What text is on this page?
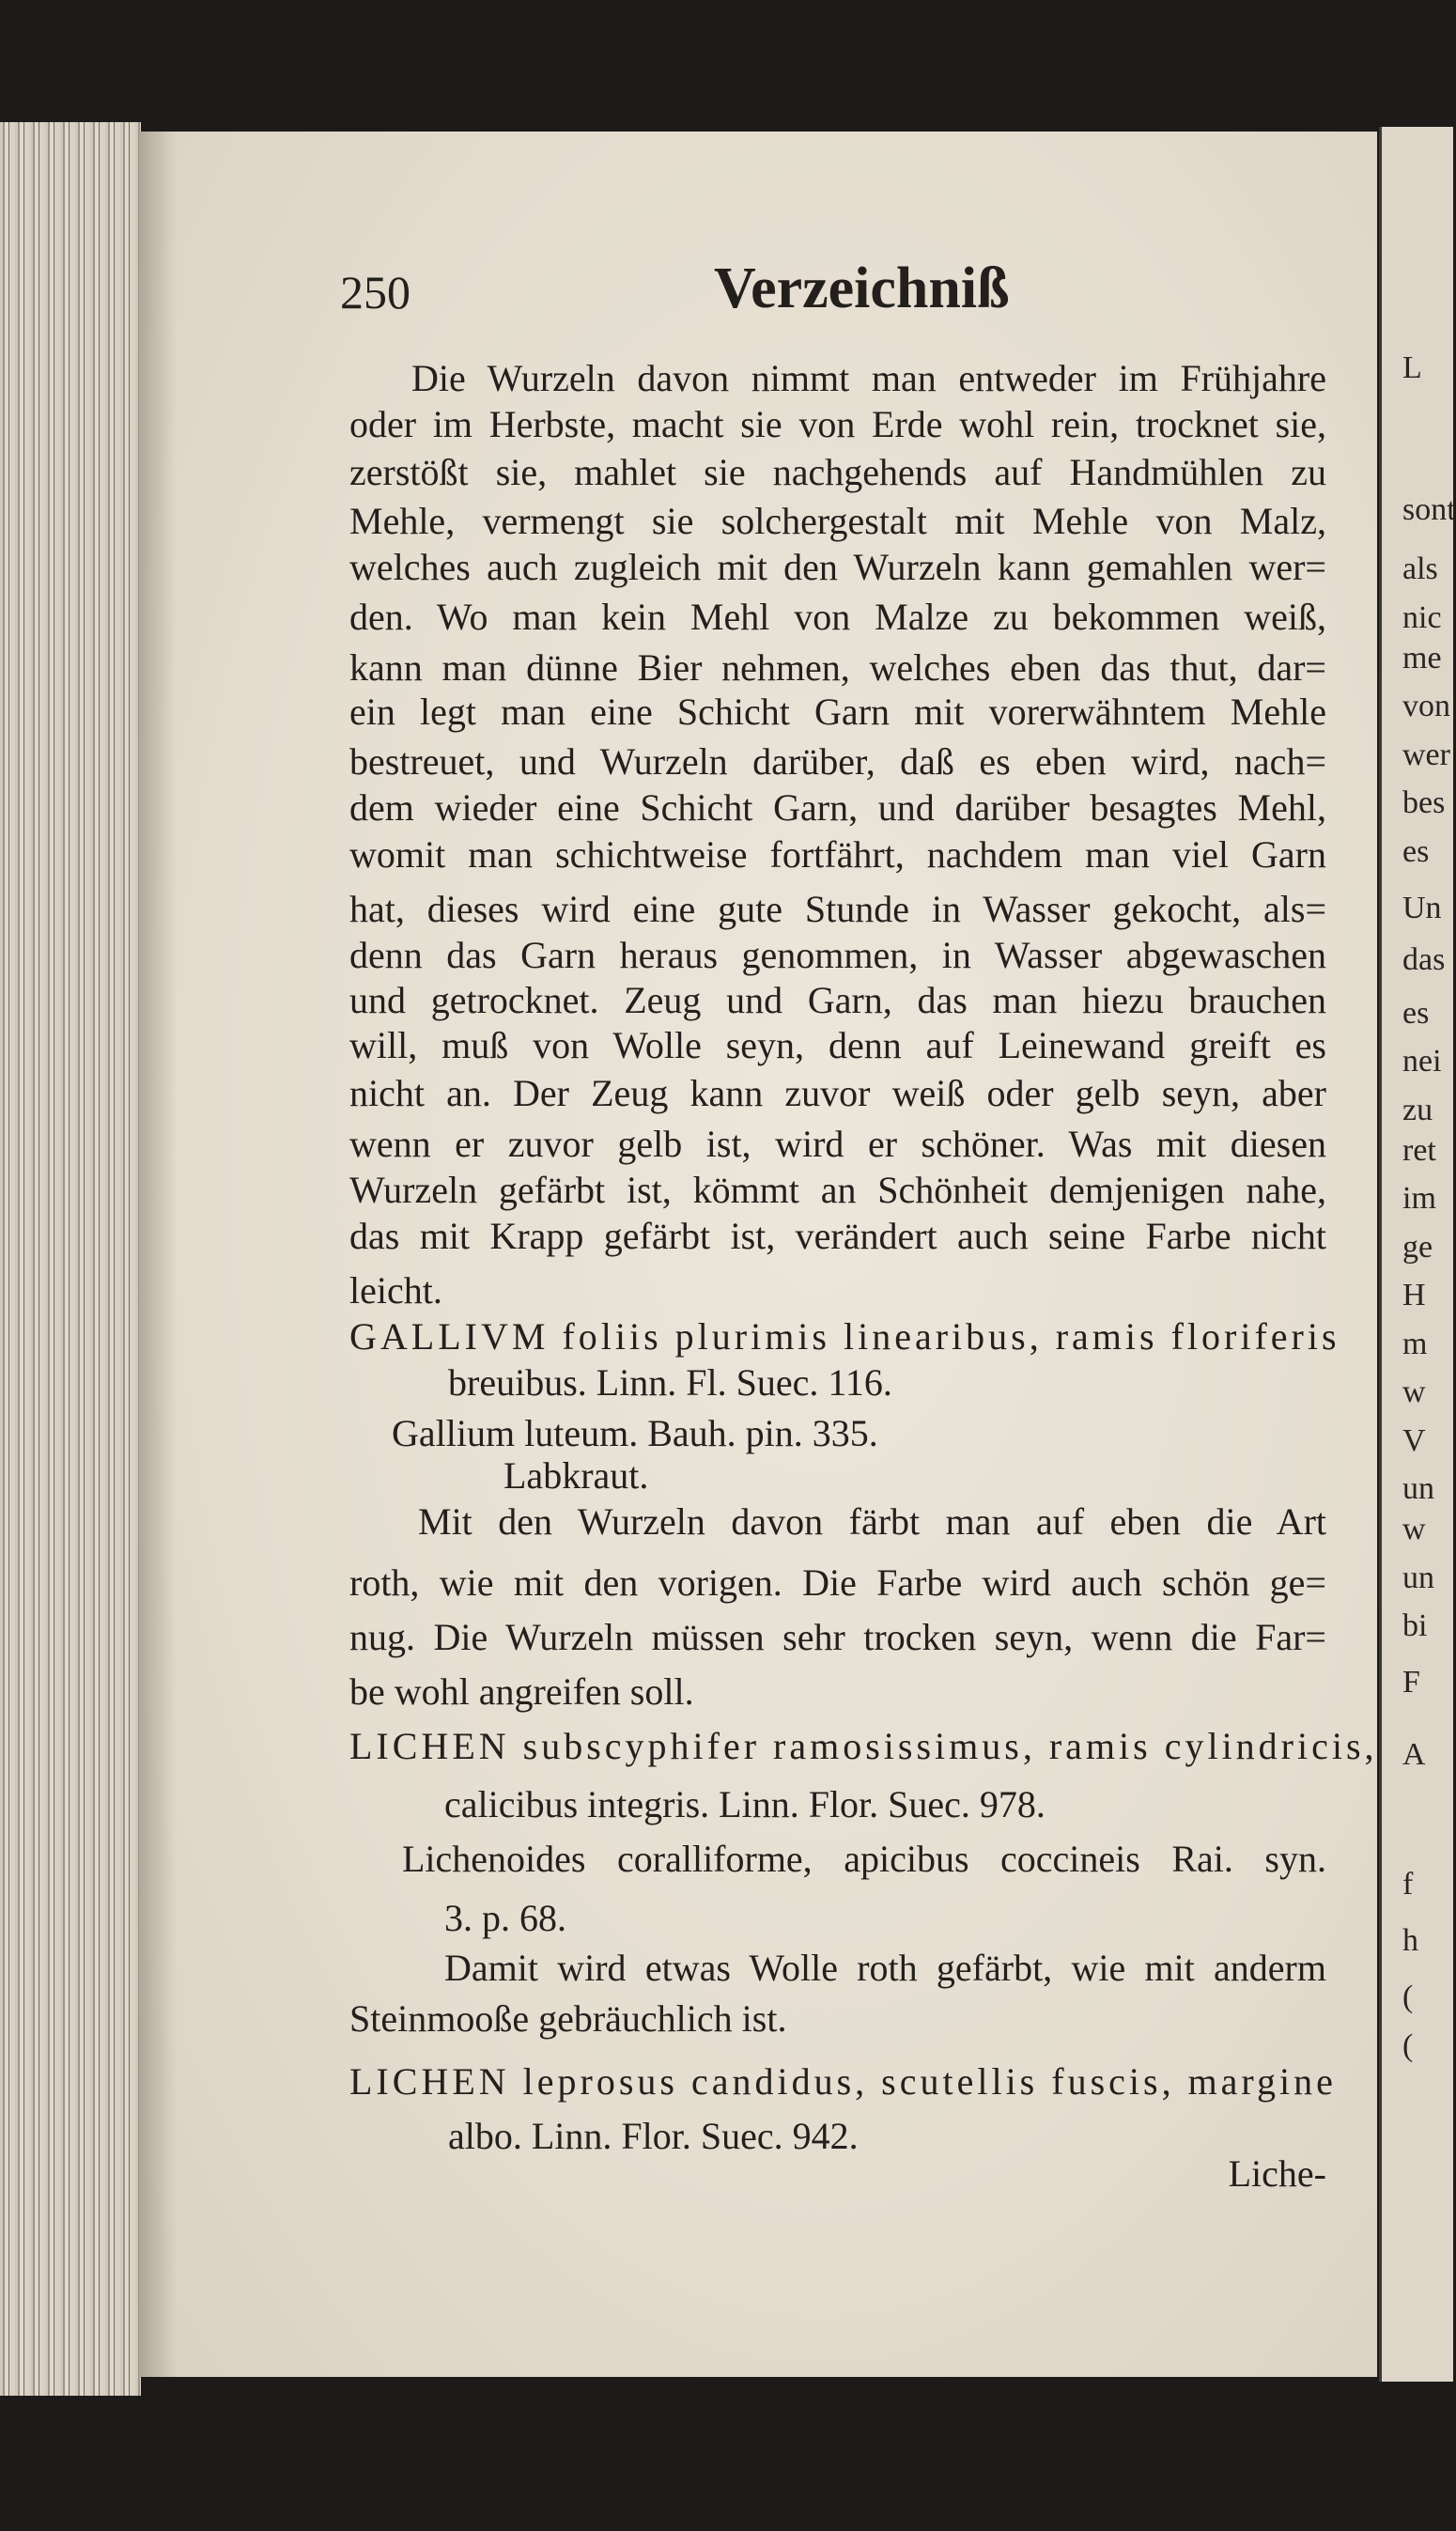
L
sont
als
nic
me
von
wer
bes
es
Un
das
es
nei
zu
ret
im
ge
H
m
w
V
un
w
un
bi
F
A
f
h
(
(
250	Verzeichniß
Die Wurzeln davon nimmt man entweder im Frühjahre
oder im Herbste, macht sie von Erde wohl rein, trocknet sie,
zerstößt sie, mahlet sie nachgehends auf Handmühlen zu
Mehle, vermengt sie solchergestalt mit Mehle von Malz,
welches auch zugleich mit den Wurzeln kann gemahlen wer=
den. Wo man kein Mehl von Malze zu bekommen weiß,
kann man dünne Bier nehmen, welches eben das thut, dar=
ein legt man eine Schicht Garn mit vorerwähntem Mehle
bestreuet, und Wurzeln darüber, daß es eben wird, nach=
dem wieder eine Schicht Garn, und darüber besagtes Mehl,
womit man schichtweise fortfährt, nachdem man viel Garn
hat, dieses wird eine gute Stunde in Wasser gekocht, als=
denn das Garn heraus genommen, in Wasser abgewaschen
und getrocknet. Zeug und Garn, das man hiezu brauchen
will, muß von Wolle seyn, denn auf Leinewand greift es
nicht an. Der Zeug kann zuvor weiß oder gelb seyn, aber
wenn er zuvor gelb ist, wird er schöner. Was mit diesen
Wurzeln gefärbt ist, kömmt an Schönheit demjenigen nahe,
das mit Krapp gefärbt ist, verändert auch seine Farbe nicht
leicht.
GALLIVM foliis plurimis linearibus, ramis floriferis
breuibus. Linn. Fl. Suec. 116.
Gallium luteum. Bauh. pin. 335.
Labkraut.
Mit den Wurzeln davon färbt man auf eben die Art
roth, wie mit den vorigen. Die Farbe wird auch schön ge=
nug. Die Wurzeln müssen sehr trocken seyn, wenn die Far=
be wohl angreifen soll.
LICHEN subscyphifer ramosissimus, ramis cylindricis,
calicibus integris. Linn. Flor. Suec. 978.
Lichenoides coralliforme, apicibus coccineis Rai. syn.
3. p. 68.
Damit wird etwas Wolle roth gefärbt, wie mit anderm
Steinmooße gebräuchlich ist.
LICHEN leprosus candidus, scutellis fuscis, margine
albo. Linn. Flor. Suec. 942.
Liche-
